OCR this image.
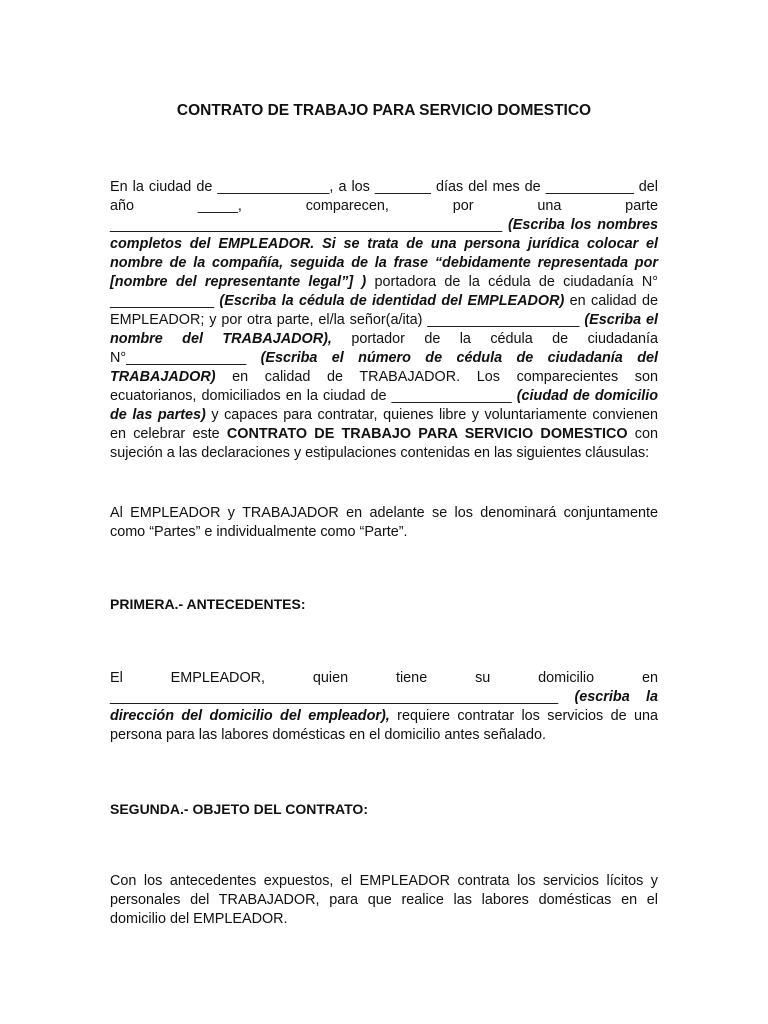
CONTRATO DE TRABAJO PARA SERVICIO DOMESTICO

En la ciudad de ______________, a los _______ días del mes de ___________ del año _____, comparecen, por una parte _________________________________________________ (Escriba los nombres completos del EMPLEADOR. Si se trata de una persona jurídica colocar el nombre de la compañía, seguida de la frase “debidamente representada por [nombre del representante legal”] ) portadora de la cédula de ciudadanía N° _____________ (Escriba la cédula de identidad del EMPLEADOR) en calidad de EMPLEADOR; y por otra parte, el/la señor(a/ita) ___________________ (Escriba el nombre del TRABAJADOR), portador de la cédula de ciudadanía N°_______________ (Escriba el número de cédula de ciudadanía del TRABAJADOR) en calidad de TRABAJADOR. Los comparecientes son ecuatorianos, domiciliados en la ciudad de _______________ (ciudad de domicilio de las partes) y capaces para contratar, quienes libre y voluntariamente convienen en celebrar este CONTRATO DE TRABAJO PARA SERVICIO DOMESTICO con sujeción a las declaraciones y estipulaciones contenidas en las siguientes cláusulas:

Al EMPLEADOR y TRABAJADOR en adelante se los denominará conjuntamente como “Partes” e individualmente como “Parte”.

PRIMERA.- ANTECEDENTES:

El EMPLEADOR, quien tiene su domicilio en ________________________________________________________ (escriba la dirección del domicilio del empleador), requiere contratar los servicios de una persona para las labores domésticas en el domicilio antes señalado.

SEGUNDA.- OBJETO DEL CONTRATO:

Con los antecedentes expuestos, el EMPLEADOR contrata los servicios lícitos y personales del TRABAJADOR, para que realice las labores domésticas en el domicilio del EMPLEADOR.
